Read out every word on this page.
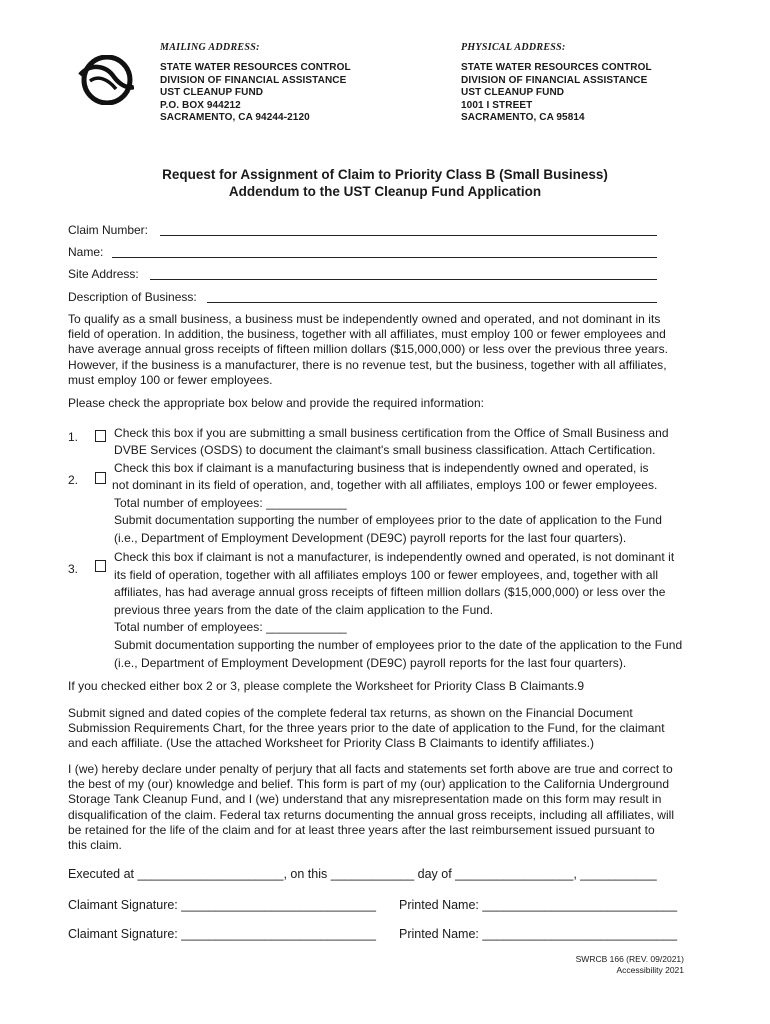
MAILING ADDRESS:
STATE WATER RESOURCES CONTROL
DIVISION OF FINANCIAL ASSISTANCE
UST CLEANUP FUND
P.O. BOX 944212
SACRAMENTO, CA 94244-2120
PHYSICAL ADDRESS:
STATE WATER RESOURCES CONTROL
DIVISION OF FINANCIAL ASSISTANCE
UST CLEANUP FUND
1001 I STREET
SACRAMENTO, CA 95814
Request for Assignment of Claim to Priority Class B (Small Business)
Addendum to the UST Cleanup Fund Application
Claim Number:
Name:
Site Address:
Description of Business:
To qualify as a small business, a business must be independently owned and operated, and not dominant in its
field of operation. In addition, the business, together with all affiliates, must employ 100 or fewer employees and
have average annual gross receipts of fifteen million dollars ($15,000,000) or less over the previous three years.
However, if the business is a manufacturer, there is no revenue test, but the business, together with all affiliates,
must employ 100 or fewer employees.
Please check the appropriate box below and provide the required information:
1.	Check this box if you are submitting a small business certification from the Office of Small Business and
DVBE Services (OSDS) to document the claimant's small business classification. Attach Certification.
2.
Check this box if claimant is a manufacturing business that is independently owned and operated, is
not dominant in its field of operation, and, together with all affiliates, employs 100 or fewer employees.
Total number of employees: ____________
Submit documentation supporting the number of employees prior to the date of application to the Fund
(i.e., Department of Employment Development (DE9C) payroll reports for the last four quarters).
3.
Check this box if claimant is not a manufacturer, is independently owned and operated, is not dominant it
its field of operation, together with all affiliates employs 100 or fewer employees, and, together with all
affiliates, has had average annual gross receipts of fifteen million dollars ($15,000,000) or less over the
previous three years from the date of the claim application to the Fund.
Total number of employees: ____________
Submit documentation supporting the number of employees prior to the date of the application to the Fund
(i.e., Department of Employment Development (DE9C) payroll reports for the last four quarters).
If you checked either box 2 or 3, please complete the Worksheet for Priority Class B Claimants.9
Submit signed and dated copies of the complete federal tax returns, as shown on the Financial Document
Submission Requirements Chart, for the three years prior to the date of application to the Fund, for the claimant
and each affiliate. (Use the attached Worksheet for Priority Class B Claimants to identify affiliates.)
I (we) hereby declare under penalty of perjury that all facts and statements set forth above are true and correct to
the best of my (our) knowledge and belief. This form is part of my (our) application to the California Underground
Storage Tank Cleanup Fund, and I (we) understand that any misrepresentation made on this form may result in
disqualification of the claim. Federal tax returns documenting the annual gross receipts, including all affiliates, will
be retained for the life of the claim and for at least three years after the last reimbursement issued pursuant to
this claim.
Executed at _____________________, on this ____________ day of _________________, ___________
Claimant Signature: ____________________________ Printed Name: ____________________________
Claimant Signature: ____________________________ Printed Name: ____________________________
SWRCB 166 (REV. 09/2021)
Accessibility 2021
